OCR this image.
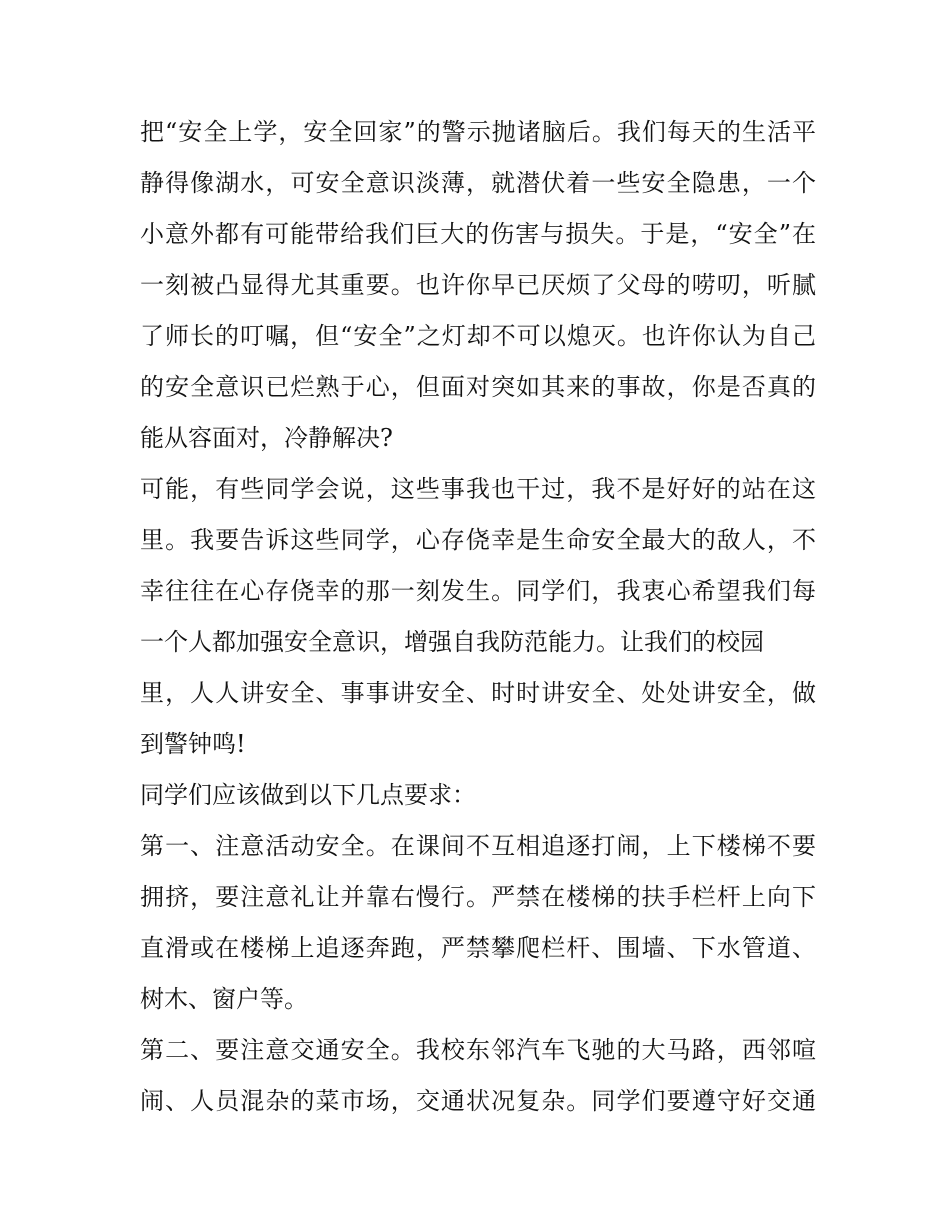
把“安全上学，安全回家”的警示抛诸脑后。我们每天的生活平
静得像湖水，可安全意识淡薄，就潜伏着一些安全隐患，一个
小意外都有可能带给我们巨大的伤害与损失。于是，“安全”在
一刻被凸显得尤其重要。也许你早已厌烦了父母的唠叨，听腻
了师长的叮嘱，但“安全”之灯却不可以熄灭。也许你认为自己
的安全意识已烂熟于心，但面对突如其来的事故，你是否真的
能从容面对，冷静解决?
可能，有些同学会说，这些事我也干过，我不是好好的站在这
里。我要告诉这些同学，心存侥幸是生命安全最大的敌人，不
幸往往在心存侥幸的那一刻发生。同学们，我衷心希望我们每
一个人都加强安全意识，增强自我防范能力。让我们的校园
里，人人讲安全、事事讲安全、时时讲安全、处处讲安全，做
到警钟鸣!
同学们应该做到以下几点要求：
第一、注意活动安全。在课间不互相追逐打闹，上下楼梯不要
拥挤，要注意礼让并靠右慢行。严禁在楼梯的扶手栏杆上向下
直滑或在楼梯上追逐奔跑，严禁攀爬栏杆、围墙、下水管道、
树木、窗户等。
第二、要注意交通安全。我校东邻汽车飞驰的大马路，西邻喧
闹、人员混杂的菜市场，交通状况复杂。同学们要遵守好交通
